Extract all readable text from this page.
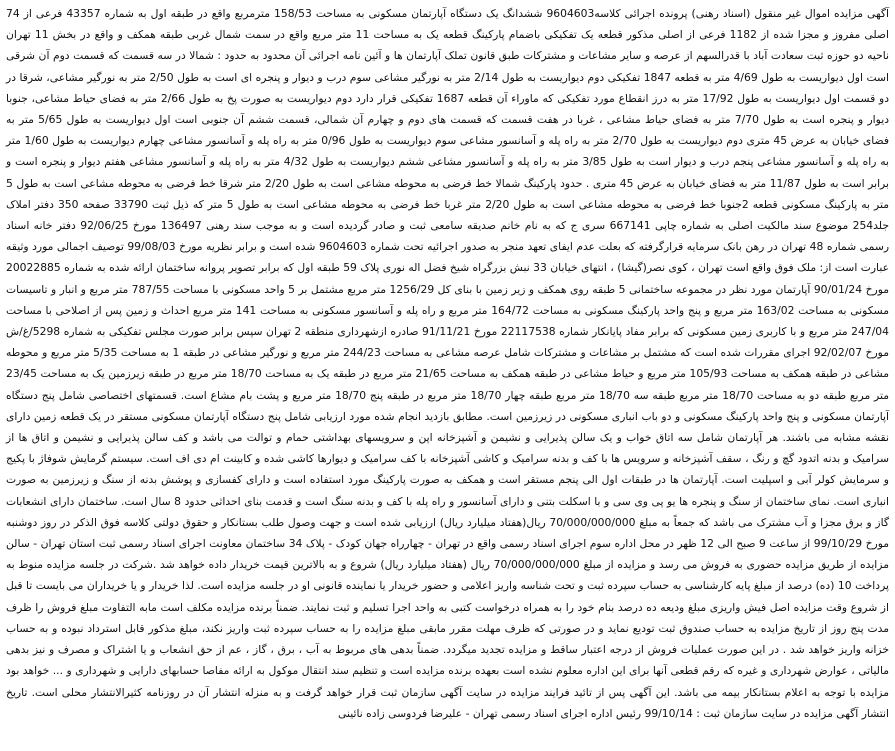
آگهی مزایده اموال غیر منقول (اسناد رهنی) پرونده اجرائی کلاسه9604603 ششدانگ یک دستگاه آپارتمان مسکونی به مساحت 158/53 مترمربع واقع در طبقه اول به شماره 43357 فرعی از 74 اصلی مفروز و مجزا شده از 1182 فرعی از اصلی مذکور قطعه یک تفکیکی باضمام پارکینگ قطعه یک به مساحت 11 متر مربع واقع در سمت شمال غربی طبقه همکف و واقع در بخش 11 تهران ناحیه دو حوزه ثبت سعادت آباد با قدرالسهم از عرصه و سایر مشاعات و مشترکات طبق قانون تملک آپارتمان ها و آئین نامه اجرائی آن محدود به حدود : شمالا در سه قسمت که قسمت دوم آن شرقی است اول دیواریست به طول 4/69 متر به قطعه 1847 تفکیکی دوم دیواریست به طول 2/14 متر به نورگیر مشاعی سوم درب و دیوار و پنجره ای است به طول 2/50 متر به نورگیر مشاعی، شرقا در دو قسمت اول دیواریست به طول 17/92 متر به درز انقطاع مورد تفکیکی که ماوراء آن قطعه 1687 تفکیکی قرار دارد دوم دیواریست به صورت پخ به طول 2/66 متر به فضای حیاط مشاعی، جنوبا دیوار و پنجره است به طول 7/70 متر به فضای حیاط مشاعی ، غربا در هفت قسمت که قسمت های دوم و چهارم آن شمالی، قسمت ششم آن جنوبی است اول دیواریست به طول 5/65 متر به فضای خیابان به عرض 45 متری دوم دیواریست به طول 2/70 متر به راه پله و آسانسور مشاعی سوم دیواریست به طول 0/96 متر به راه پله و آسانسور مشاعی چهارم دیواریست به طول 1/60 متر به راه پله و آسانسور مشاعی پنجم درب و دیوار است به طول 3/85 متر به راه پله و آسانسور مشاعی ششم دیواریست به طول 4/32 متر به راه پله و آسانسور مشاعی هفتم دیوار و پنجره است و برابر است به طول 11/87 متر به فضای خیابان به عرض 45 متری . حدود پارکینگ شمالا خط فرضی به محوطه مشاعی است به طول 2/20 متر شرقا خط فرضی به محوطه مشاعی است به طول 5 متر به پارکینگ مسکونی قطعه 2جنوبا خط فرضی به محوطه مشاعی است به طول 2/20 متر غربا خط فرضی به محوطه مشاعی است به طول 5 متر که ذیل ثبت 33790 صفحه 350 دفتر املاک جلد254 موضوع سند مالکیت اصلی به شماره چاپی 667141 سری ج که به نام خانم صدیقه سامعی ثبت و صادر گردیده است و به موجب سند رهنی 136497 مورخ 92/06/25 دفتر خانه اسناد رسمی شماره 48 تهران در رهن بانک سرمایه قرارگرفته که بعلت عدم ایفای تعهد منجر به صدور اجرائیه تحت شماره 9604603 شده است و برابر نظریه مورخ 99/08/03 توصیف اجمالی مورد وثیقه عبارت است از: ملک فوق واقع است تهران ، کوی نصر(گیشا) ، انتهای خیابان 33 نبش بزرگراه شیخ فضل اله نوری پلاک 59 طبقه اول که برابر تصویر پروانه ساختمان ارائه شده به شماره 20022885 مورخ 90/01/24 آپارتمان مورد نظر در مجموعه ساختمانی 5 طبقه روی همکف و زیر زمین با بنای کل 1256/29 متر مربع مشتمل بر 5 واحد مسکونی با مساحت 787/55 متر مربع و انبار و تاسیسات مسکونی به مساحت 163/02 متر مربع و پنج واحد پارکینگ مسکونی به مساحت 164/72 متر مربع و راه پله و آسانسور مسکونی به مساحت 141 متر مربع احداث و زمین پس از اصلاحی با مساحت 247/04 متر مربع و با کاربری زمین مسکونی که برابر مفاد پایانکار شماره 22117538 مورخ 91/11/21 صادره ازشهرداری منطقه 2 تهران سپس برابر صورت مجلس تفکیکی به شماره 5298/غ/ش مورخ 92/02/07 اجرای مقررات شده است که مشتمل بر مشاعات و مشترکات شامل عرصه مشاعی به مساحت 244/23 متر مربع و نورگیر مشاعی در طبقه 1 به مساحت 5/35 متر مربع و محوطه مشاعی در طبقه همکف به مساحت 105/93 متر مربع و حیاط مشاعی در طبقه همکف به مساحت 21/65 متر مربع در طبقه یک به مساحت 18/70 متر مربع در طبقه زیرزمین یک به مساحت 23/45 متر مربع طبقه دو به مساحت 18/70 متر مربع طبقه سه 18/70 متر مربع طبقه چهار 18/70 متر مربع در طبقه پنج 18/70 متر مربع و پشت بام مشاع است. قسمتهای اختصاصی شامل پنج دستگاه آپارتمان مسکونی و پنج واحد پارکینگ مسکونی و دو باب انباری مسکونی در زیرزمین است. مطابق بازدید انجام شده مورد ارزیابی شامل پنج دستگاه آپارتمان مسکونی مستقر در یک قطعه زمین دارای نقشه مشابه می باشند. هر آپارتمان شامل سه اتاق خواب و یک سالن پذیرایی و نشیمن و آشپزخانه اپن و سرویسهای بهداشتی حمام و توالت می باشد و کف سالن پذیرایی و نشیمن و اتاق ها از سرامیک و بدنه اتدود گچ و رنگ ، سقف آشپزخانه و سرویس ها با کف و بدنه سرامیک و کاشی آشپزخانه با کف سرامیک و دیوارها کاشی شده و کابینت ام دی اف است. سیستم گرمایش شوفاژ با پکیج و سرمایش کولر آبی و اسپلیت است. آپارتمان ها در طبقات اول الی پنجم مستقر است و همکف به صورت پارکینگ مورد استفاده است و دارای کفسازی و پوشش بدنه از سنگ و زیرزمین به صورت انباری است. نمای ساختمان از سنگ و پنجره ها یو پی وی سی و با اسکلت بتنی و دارای آسانسور و راه پله با کف و بدنه سنگ است و قدمت بنای احداثی حدود 8 سال است. ساختمان دارای انشعابات گاز و برق مجزا و آب مشترک می باشد که جمعاً به مبلغ 70/000/000/000 ریال(هفتاد میلیارد ریال) ارزیابی شده است و جهت وصول طلب بستانکار و حقوق دولتی کلاسه فوق الذکر در روز دوشنبه مورخ 99/10/29 از ساعت 9 صبح الی 12 ظهر در محل اداره سوم اجرای اسناد رسمی واقع در تهران - چهارراه جهان کودک - پلاک 34 ساختمان معاونت اجرای اسناد رسمی ثبت استان تهران - سالن مزایده از طریق مزایده حضوری به فروش می رسد و مزایده از مبلغ 70/000/000/000 ریال (هفتاد میلیارد ریال) شروع و به بالاترین قیمت خریدار داده خواهد شد .شرکت در جلسه مزایده منوط به پرداخت 10 (ده) درصد از مبلغ پایه کارشناسی به حساب سپرده ثبت و تحت شناسه واریز اعلامی و حضور خریدار یا نماینده قانونی او در جلسه مزایده است. لذا خریدار و یا خریداران می بایست تا قبل از شروع وقت مزایده اصل فیش واریزی مبلغ ودیعه ده درصد بنام خود را به همراه درخواست کتبی به واحد اجرا تسلیم و ثبت نمایند. ضمناً برنده مزایده مکلف است مابه التفاوت مبلغ فروش را ظرف مدت پنج روز از تاریخ مزایده به حساب صندوق ثبت تودیع نماید و در صورتی که ظرف مهلت مقرر مابقی مبلغ مزایده را به حساب سپرده ثبت واریز نکند، مبلغ مذکور قابل استرداد نبوده و به حساب خزانه واریز خواهد شد . در این صورت عملیات فروش از درجه اعتبار ساقط و مزایده تجدید میگردد. ضمناً بدهی های مربوط به آب ، برق ، گاز ، عم از حق انشعاب و یا اشتراک و مصرف و نیز بدهی مالیاتی ، عوارض شهرداری و غیره که رقم قطعی آنها برای این اداره معلوم نشده است بعهده برنده مزایده است و تنظیم سند انتقال موکول به ارائه مفاصا حسابهای دارایی و شهرداری و ... خواهد بود مزایده با توجه به اعلام بستانکار بیمه می باشد. این آگهی پس از تائید فرایند مزایده در سایت آگهی سازمان ثبت قرار خواهد گرفت و به منزله انتشار آن در روزنامه کثیرالانتشار محلی است. تاریخ انتشار آگهی مزایده در سایت سازمان ثبت : 99/10/14 رئیس اداره اجرای اسناد رسمی تهران - علیرضا فردوسی زاده نائینی
